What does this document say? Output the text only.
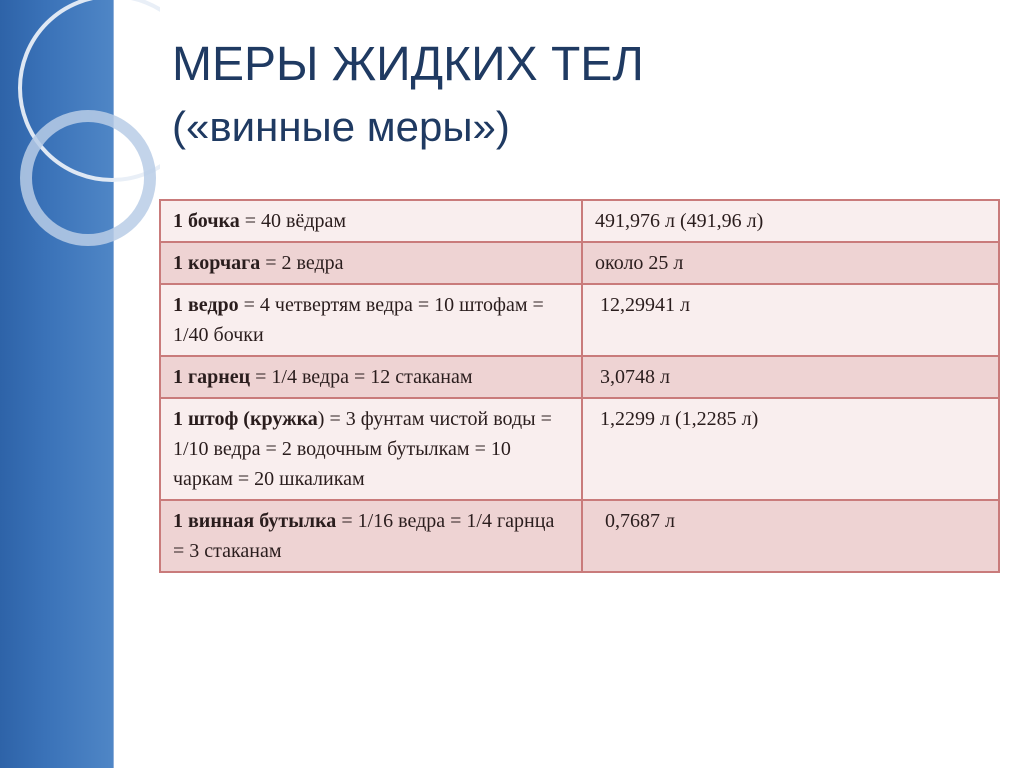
МЕРЫ ЖИДКИХ ТЕЛ
(«винные меры»)
1 бочка = 40 вёдрам	491,976 л (491,96 л)
1 корчага = 2 ведра	около 25 л
1 ведро = 4 четвертям ведра = 10 штофам = 1/40 бочки	12,29941 л
1 гарнец = 1/4 ведра = 12 стаканам	3,0748 л
1 штоф (кружка) = 3 фунтам чистой воды = 1/10 ведра = 2 водочным бутылкам = 10 чаркам = 20 шкаликам	1,2299 л (1,2285 л)
1 винная бутылка = 1/16 ведра = 1/4 гарнца = 3 стаканам	0,7687 л
